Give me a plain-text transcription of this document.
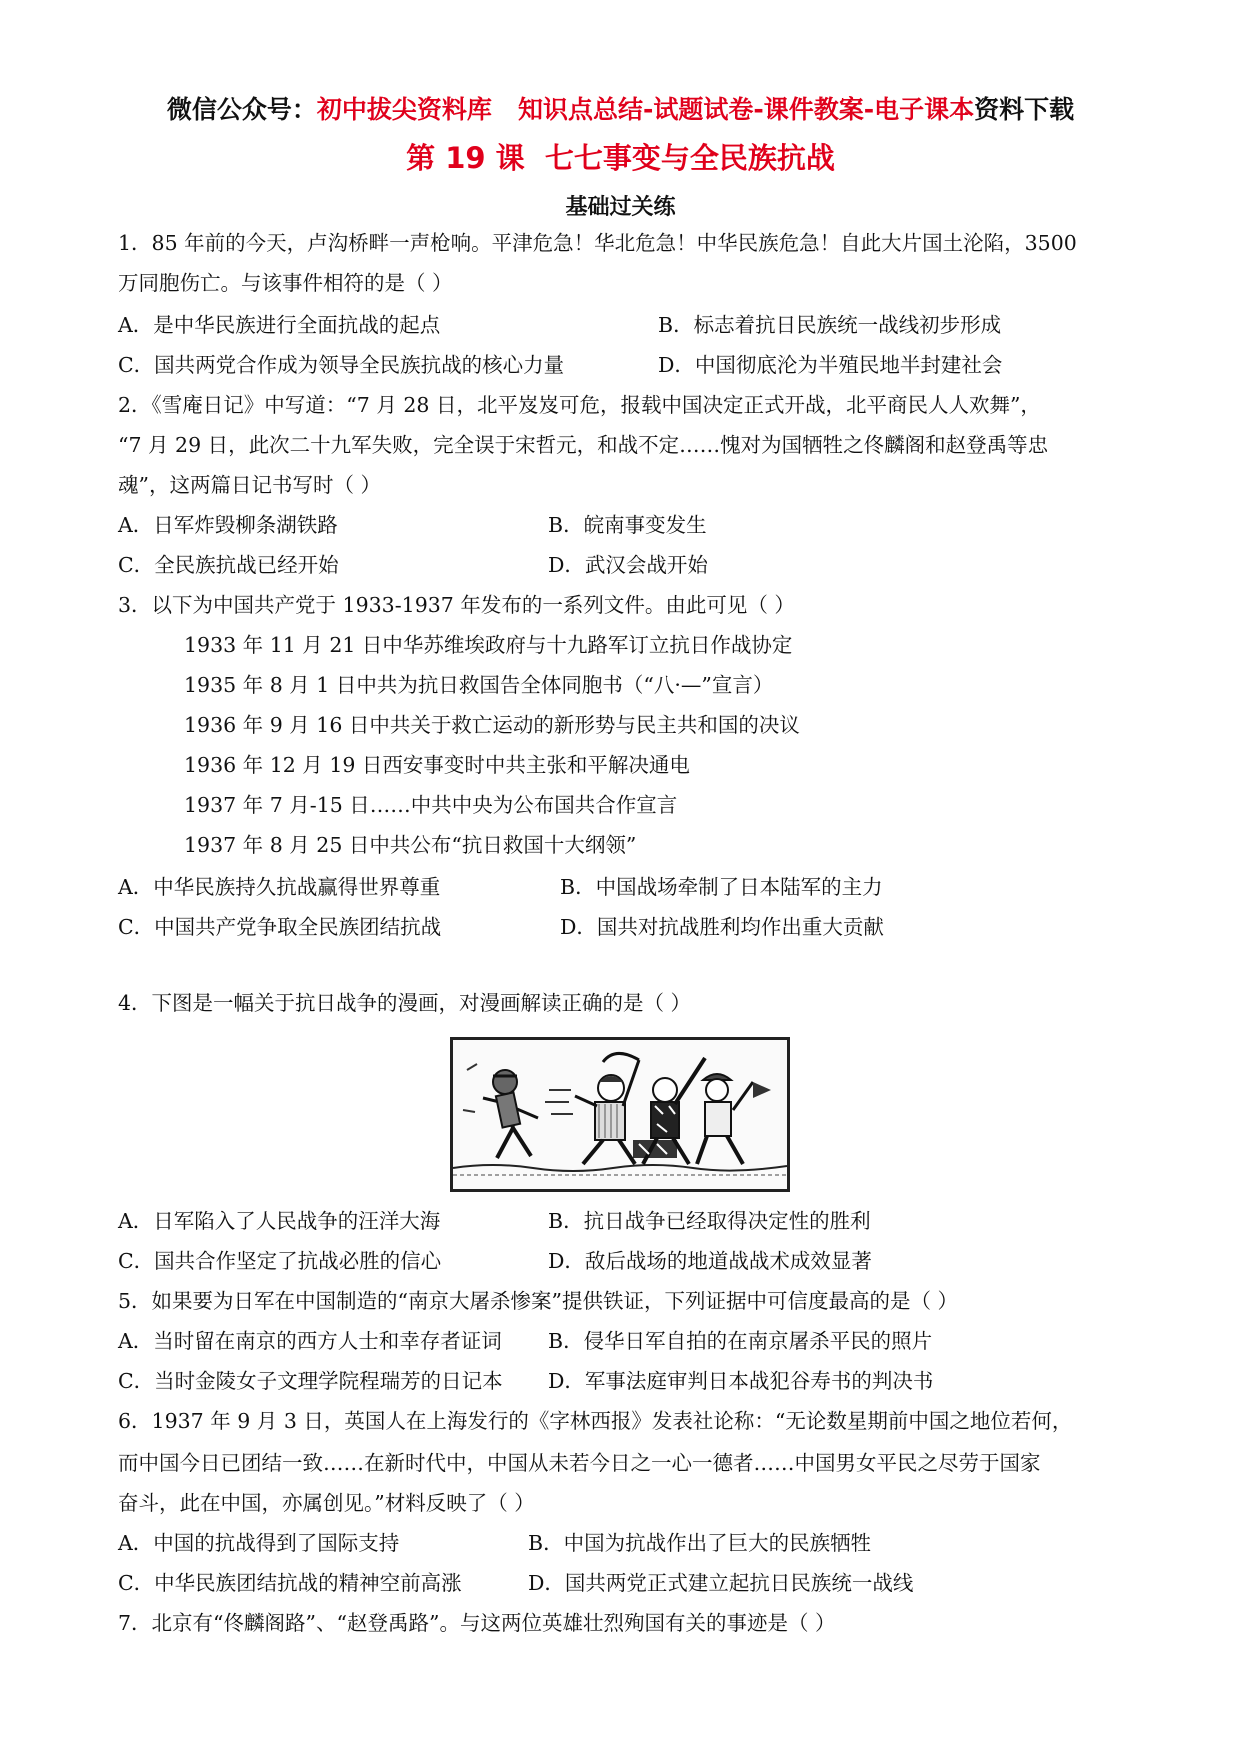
微信公众号：初中拔尖资料库   知识点总结-试题试卷-课件教案-电子课本资料下载
第 19 课  七七事变与全民族抗战
基础过关练
1．85 年前的今天，卢沟桥畔一声枪响。平津危急！华北危急！中华民族危急！自此大片国土沦陷，3500
万同胞伤亡。与该事件相符的是（ ）
A．是中华民族进行全面抗战的起点	B．标志着抗日民族统一战线初步形成
C．国共两党合作成为领导全民族抗战的核心力量	D．中国彻底沦为半殖民地半封建社会
2．《雪庵日记》中写道：“7 月 28 日，北平岌岌可危，报载中国决定正式开战，北平商民人人欢舞”，
“7 月 29 日，此次二十九军失败，完全误于宋哲元，和战不定……愧对为国牺牲之佟麟阁和赵登禹等忠
魂”，这两篇日记书写时（ ）
A．日军炸毁柳条湖铁路	B．皖南事变发生
C．全民族抗战已经开始	D．武汉会战开始
3．以下为中国共产党于 1933-1937 年发布的一系列文件。由此可见（ ）
1933 年 11 月 21 日中华苏维埃政府与十九路军订立抗日作战协定
1935 年 8 月 1 日中共为抗日救国告全体同胞书（“八·—”宣言）
1936 年 9 月 16 日中共关于救亡运动的新形势与民主共和国的决议
1936 年 12 月 19 日西安事变时中共主张和平解决通电
1937 年 7 月-15 日……中共中央为公布国共合作宣言
1937 年 8 月 25 日中共公布“抗日救国十大纲领”
A．中华民族持久抗战赢得世界尊重	B．中国战场牵制了日本陆军的主力
C．中国共产党争取全民族团结抗战	D．国共对抗战胜利均作出重大贡献
4．下图是一幅关于抗日战争的漫画，对漫画解读正确的是（ ）
A．日军陷入了人民战争的汪洋大海	B．抗日战争已经取得决定性的胜利
C．国共合作坚定了抗战必胜的信心	D．敌后战场的地道战战术成效显著
5．如果要为日军在中国制造的“南京大屠杀惨案”提供铁证，下列证据中可信度最高的是（ ）
A．当时留在南京的西方人士和幸存者证词 B．侵华日军自拍的在南京屠杀平民的照片
C．当时金陵女子文理学院程瑞芳的日记本 D．军事法庭审判日本战犯谷寿书的判决书
6．1937 年 9 月 3 日，英国人在上海发行的《字林西报》发表社论称：“无论数星期前中国之地位若何，
而中国今日已团结一致……在新时代中，中国从未若今日之一心一德者……中国男女平民之尽劳于国家
奋斗，此在中国，亦属创见。”材料反映了（ ）
A．中国的抗战得到了国际支持	B．中国为抗战作出了巨大的民族牺牲
C．中华民族团结抗战的精神空前高涨	D．国共两党正式建立起抗日民族统一战线
7．北京有“佟麟阁路”、“赵登禹路”。与这两位英雄壮烈殉国有关的事迹是（ ）
